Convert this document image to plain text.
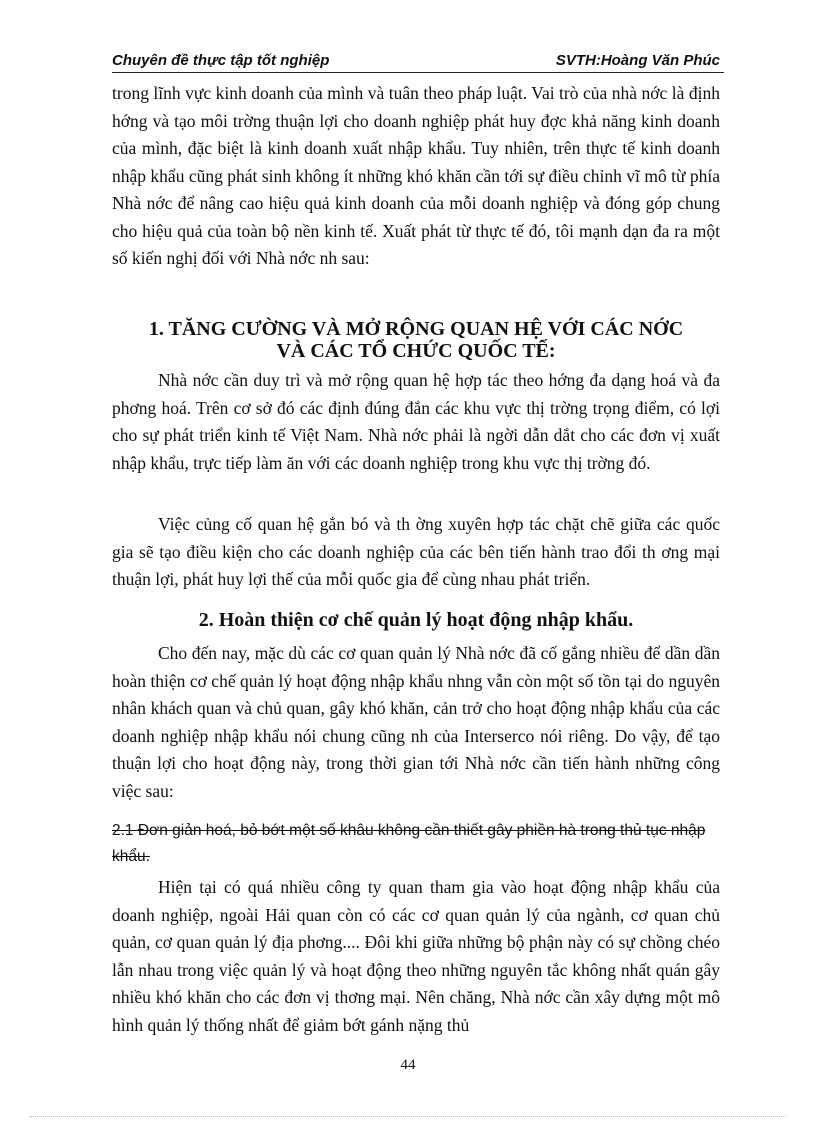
Chuyên đề thực tập tốt nghiệp	SVTH:Hoàng Văn Phúc

trong lĩnh vực kinh doanh của mình và tuân theo pháp luật. Vai trò của nhà nớc là định hớng và tạo môi trờng thuận lợi cho doanh nghiệp phát huy đợc khả năng kinh doanh của mình, đặc biệt là kinh doanh xuất nhập khẩu. Tuy nhiên, trên thực tế kinh doanh nhập khẩu cũng phát sinh không ít những khó khăn cần tới sự điều chỉnh vĩ mô từ phía Nhà nớc để nâng cao hiệu quả kinh doanh của mỗi doanh nghiệp và đóng góp chung cho hiệu quả của toàn bộ nền kinh tế. Xuất phát từ thực tế đó, tôi mạnh dạn đa ra một số kiến nghị đối với Nhà nớc nh sau:

1. TĂNG CƯỜNG VÀ MỞ RỘNG QUAN HỆ VỚI CÁC NỚC
VÀ CÁC TỔ CHỨC QUỐC TẾ:

Nhà nớc cần duy trì và mở rộng quan hệ hợp tác theo hớng đa dạng hoá và đa phơng hoá. Trên cơ sở đó các định đúng đắn các khu vực thị trờng trọng điểm, có lợi cho sự phát triển kinh tế Việt Nam. Nhà nớc phải là ngời dẫn dắt cho các đơn vị xuất nhập khẩu, trực tiếp làm ăn với các doanh nghiệp trong khu vực thị trờng đó.

Việc củng cố quan hệ gắn bó và th ờng xuyên hợp tác chặt chẽ giữa các quốc gia sẽ tạo điều kiện cho các doanh nghiệp của các bên tiến hành trao đổi th ơng mại thuận lợi, phát huy lợi thế của mỗi quốc gia để cùng nhau phát triển.

2. Hoàn thiện cơ chế quản lý hoạt động nhập khẩu.

Cho đến nay, mặc dù các cơ quan quản lý Nhà nớc đã cố gắng nhiều để dần dần hoàn thiện cơ chế quản lý hoạt động nhập khẩu nhng vẫn còn một số tồn tại do nguyên nhân khách quan và chủ quan, gây khó khăn, cản trở cho hoạt động nhập khẩu của các doanh nghiệp nhập khẩu nói chung cũng nh của Interserco nói riêng. Do vậy, để tạo thuận lợi cho hoạt động này, trong thời gian tới Nhà nớc cần tiến hành những công việc sau:

2.1 Đơn giản hoá, bỏ bớt một số khâu không cần thiết gây phiền hà trong thủ tục nhập khẩu.

Hiện tại có quá nhiều công ty quan tham gia vào hoạt động nhập khẩu của doanh nghiệp, ngoài Hải quan còn có các cơ quan quản lý của ngành, cơ quan chủ quản, cơ quan quản lý địa phơng.... Đôi khi giữa những bộ phận này có sự chồng chéo lẫn nhau trong việc quản lý và hoạt động theo những nguyên tắc không nhất quán gây nhiều khó khăn cho các đơn vị thơng mại. Nên chăng, Nhà nớc cần xây dựng một mô hình quản lý thống nhất để giảm bớt gánh nặng thủ

44
